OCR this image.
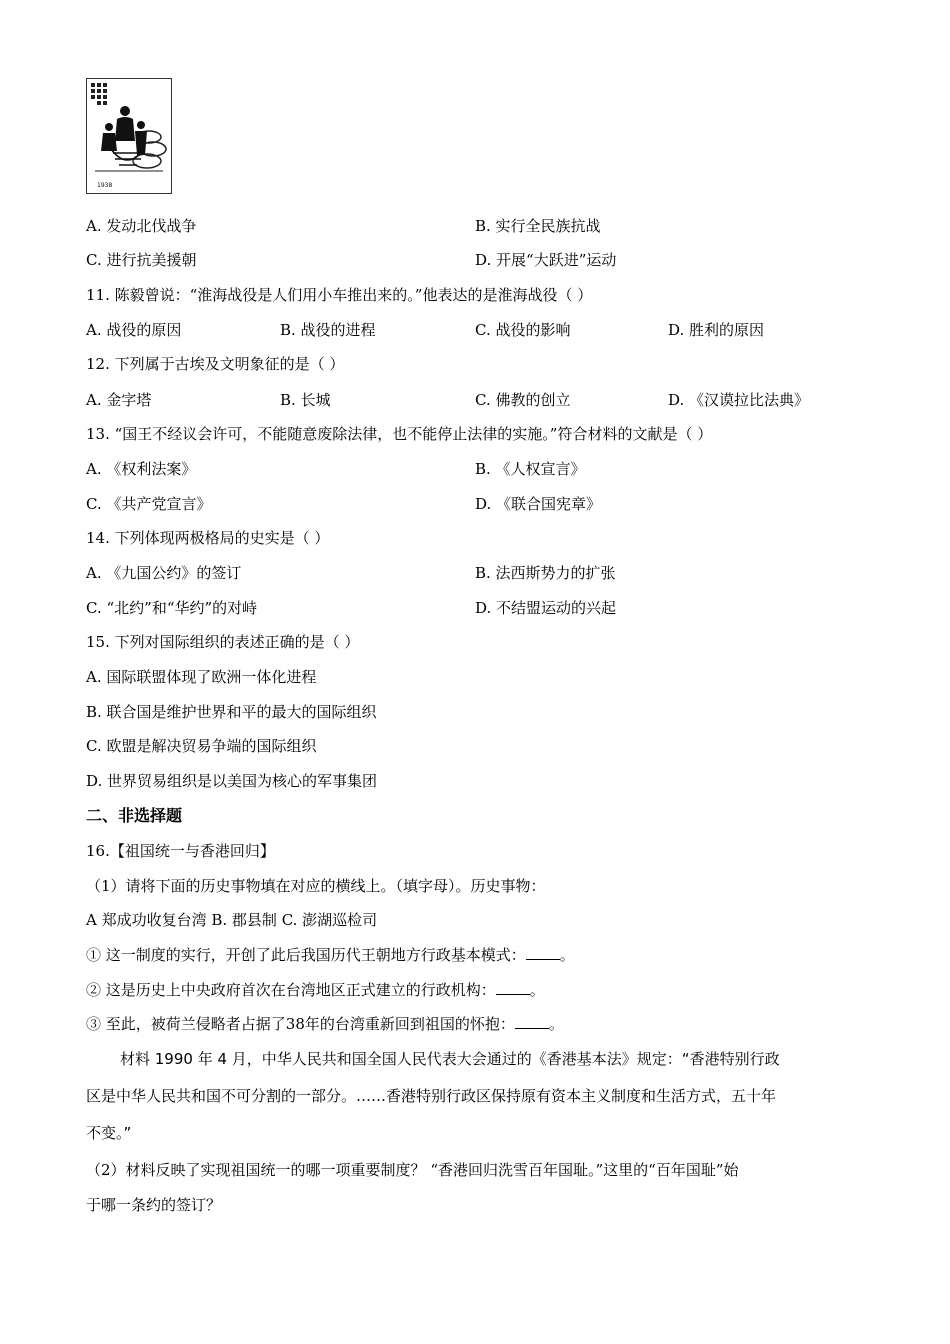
1938
A. 发动北伐战争	B. 实行全民族抗战
C. 进行抗美援朝	D. 开展“大跃进”运动
11. 陈毅曾说：“淮海战役是人们用小车推出来的。”他表达的是淮海战役（ ）
A. 战役的原因	B. 战役的进程	C. 战役的影响	D. 胜利的原因
12. 下列属于古埃及文明象征的是（ ）
A. 金字塔	B. 长城	C. 佛教的创立	D. 《汉谟拉比法典》
13. “国王不经议会许可，不能随意废除法律，也不能停止法律的实施。”符合材料的文献是（ ）
A. 《权利法案》	B. 《人权宣言》
C. 《共产党宣言》	D. 《联合国宪章》
14. 下列体现两极格局的史实是（ ）
A. 《九国公约》的签订	B. 法西斯势力的扩张
C. “北约”和“华约”的对峙	D. 不结盟运动的兴起
15. 下列对国际组织的表述正确的是（ ）
A. 国际联盟体现了欧洲一体化进程
B. 联合国是维护世界和平的最大的国际组织
C. 欧盟是解决贸易争端的国际组织
D. 世界贸易组织是以美国为核心的军事集团
二、非选择题
16.【祖国统一与香港回归】
（1）请将下面的历史事物填在对应的横线上。（填字母）。历史事物：
A 郑成功收复台湾 B. 郡县制 C. 澎湖巡检司
① 这一制度的实行，开创了此后我国历代王朝地方行政基本模式： 。
② 这是历史上中央政府首次在台湾地区正式建立的行政机构： 。
③ 至此，被荷兰侵略者占据了38年的台湾重新回到祖国的怀抱： 。
材料 1990 年 4 月，中华人民共和国全国人民代表大会通过的《香港基本法》规定：“香港特别行政
区是中华人民共和国不可分割的一部分。……香港特别行政区保持原有资本主义制度和生活方式，五十年
不变。”
（2）材料反映了实现祖国统一的哪一项重要制度？ “香港回归洗雪百年国耻。”这里的“百年国耻”始
于哪一条约的签订？
